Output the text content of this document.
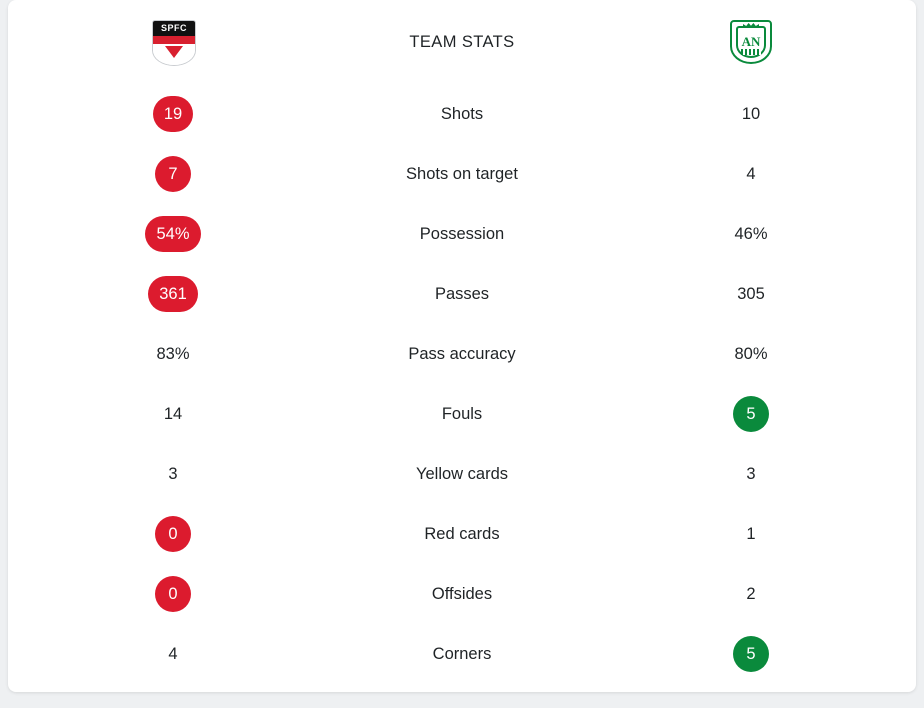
SPFC
TEAM STATS	AN
19	Shots	10
7	Shots on target	4
54%	Possession	46%
361	Passes	305
83%	Pass accuracy	80%
14	Fouls	5
3	Yellow cards	3
0	Red cards	1
0	Offsides	2
4	Corners	5
